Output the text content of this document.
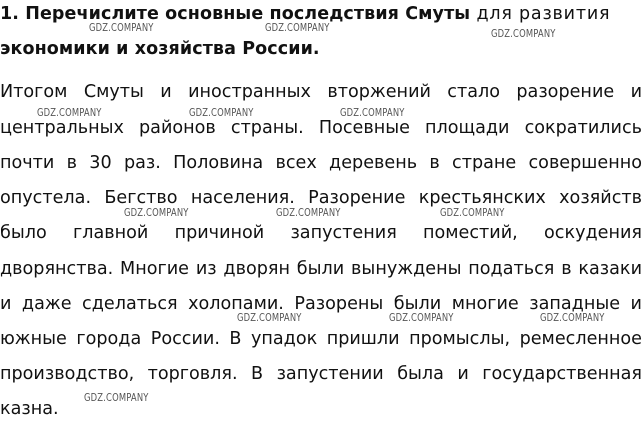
1. Перечислите основные последствия Смуты для развития
экономики и хозяйства России.
Итогом Смуты и иностранных вторжений стало разорение и
центральных районов страны. Посевные площади сократились
почти в 30 раз. Половина всех деревень в стране совершенно
опустела. Бегство населения. Разорение крестьянских хозяйств
было главной причиной запустения поместий, оскудения
дворянства. Многие из дворян были вынуждены податься в казаки
и даже сделаться холопами. Разорены были многие западные и
южные города России. В упадок пришли промыслы, ремесленное
производство, торговля. В запустении была и государственная
казна.
GDZ.COMPANY	GDZ.COMPANY	GDZ.COMPANY
GDZ.COMPANY	GDZ.COMPANY	GDZ.COMPANY
GDZ.COMPANY	GDZ.COMPANY	GDZ.COMPANY
GDZ.COMPANY	GDZ.COMPANY	GDZ.COMPANY
GDZ.COMPANY
